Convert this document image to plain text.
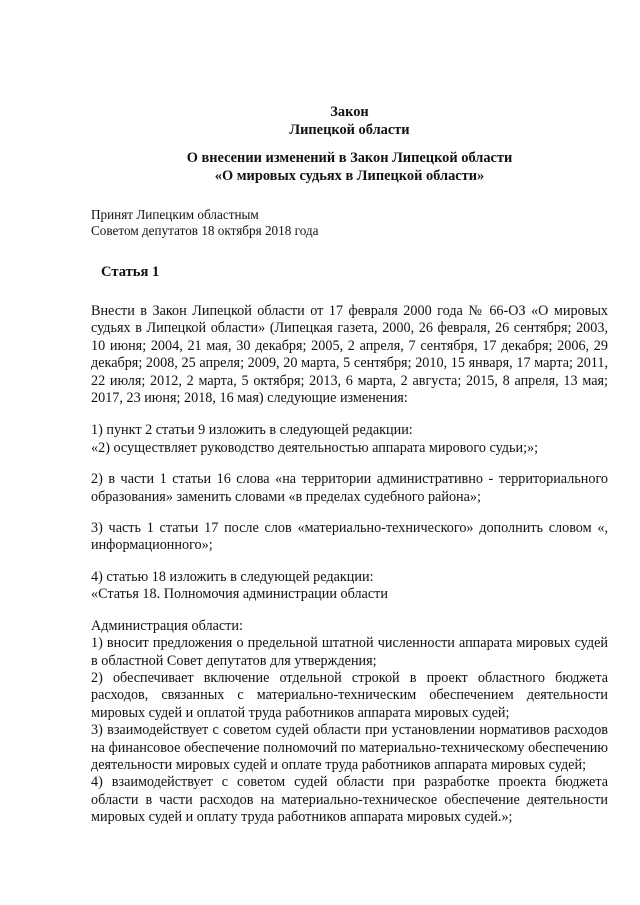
Закон
Липецкой области
О внесении изменений в Закон Липецкой области
«О мировых судьях в Липецкой области»
Принят Липецким областным
Советом депутатов 18 октября 2018 года
Статья 1

Внести в Закон Липецкой области от 17 февраля 2000 года № 66-ОЗ «О мировых судьях в Липецкой области» (Липецкая газета, 2000, 26 февраля, 26 сентября; 2003, 10 июня; 2004, 21 мая, 30 декабря; 2005, 2 апреля, 7 сентября, 17 декабря; 2006, 29 декабря; 2008, 25 апреля; 2009, 20 марта, 5 сентября; 2010, 15 января, 17 марта; 2011, 22 июля; 2012, 2 марта, 5 октября; 2013, 6 марта, 2 августа; 2015, 8 апреля, 13 мая; 2017, 23 июня; 2018, 16 мая) следующие изменения:

1) пункт 2 статьи 9 изложить в следующей редакции:

«2) осуществляет руководство деятельностью аппарата мирового судьи;»;

2) в части 1 статьи 16 слова «на территории административно - территориального образования» заменить словами «в пределах судебного района»;

3) часть 1 статьи 17 после слов «материально-технического» дополнить словом «, информационного»;

4) статью 18 изложить в следующей редакции:

«Статья 18. Полномочия администрации области

Администрация области:

1) вносит предложения о предельной штатной численности аппарата мировых судей в областной Совет депутатов для утверждения;

2) обеспечивает включение отдельной строкой в проект областного бюджета расходов, связанных с материально-техническим обеспечением деятельности мировых судей и оплатой труда работников аппарата мировых судей;

3) взаимодействует с советом судей области при установлении нормативов расходов на финансовое обеспечение полномочий по материально-техническому обеспечению деятельности мировых судей и оплате труда работников аппарата мировых судей;

4) взаимодействует с советом судей области при разработке проекта бюджета области в части расходов на материально-техническое обеспечение деятельности мировых судей и оплату труда работников аппарата мировых судей.»;
